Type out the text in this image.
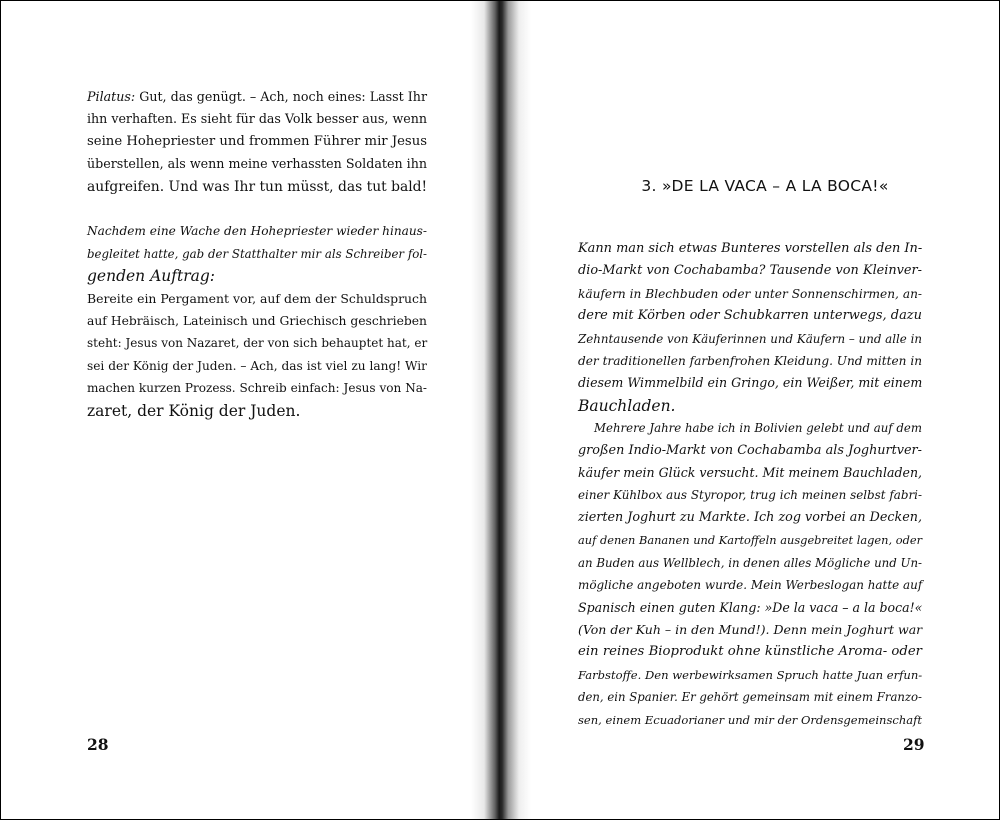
Pilatus: Gut, das genügt. – Ach, noch eines: Lasst Ihr
ihn verhaften. Es sieht für das Volk besser aus, wenn
seine Hohepriester und frommen Führer mir Jesus
überstellen, als wenn meine verhassten Soldaten ihn
aufgreifen. Und was Ihr tun müsst, das tut bald!
Nachdem eine Wache den Hohepriester wieder hinaus-
begleitet hatte, gab der Statthalter mir als Schreiber fol-
genden Auftrag:
Bereite ein Pergament vor, auf dem der Schuldspruch
auf Hebräisch, Lateinisch und Griechisch geschrieben
steht: Jesus von Nazaret, der von sich behauptet hat, er
sei der König der Juden. – Ach, das ist viel zu lang! Wir
machen kurzen Prozess. Schreib einfach: Jesus von Na-
zaret, der König der Juden.
28
3. »DE LA VACA – A LA BOCA!«
Kann man sich etwas Bunteres vorstellen als den In-
dio-Markt von Cochabamba? Tausende von Kleinver-
käufern in Blechbuden oder unter Sonnenschirmen, an-
dere mit Körben oder Schubkarren unterwegs, dazu
Zehntausende von Käuferinnen und Käufern – und alle in
der traditionellen farbenfrohen Kleidung. Und mitten in
diesem Wimmelbild ein Gringo, ein Weißer, mit einem
Bauchladen.
Mehrere Jahre habe ich in Bolivien gelebt und auf dem
großen Indio-Markt von Cochabamba als Joghurtver-
käufer mein Glück versucht. Mit meinem Bauchladen,
einer Kühlbox aus Styropor, trug ich meinen selbst fabri-
zierten Joghurt zu Markte. Ich zog vorbei an Decken,
auf denen Bananen und Kartoffeln ausgebreitet lagen, oder
an Buden aus Wellblech, in denen alles Mögliche und Un-
mögliche angeboten wurde. Mein Werbeslogan hatte auf
Spanisch einen guten Klang: »De la vaca – a la boca!«
(Von der Kuh – in den Mund!). Denn mein Joghurt war
ein reines Bioprodukt ohne künstliche Aroma- oder
Farbstoffe. Den werbewirksamen Spruch hatte Juan erfun-
den, ein Spanier. Er gehört gemeinsam mit einem Franzo-
sen, einem Ecuadorianer und mir der Ordensgemeinschaft
29
